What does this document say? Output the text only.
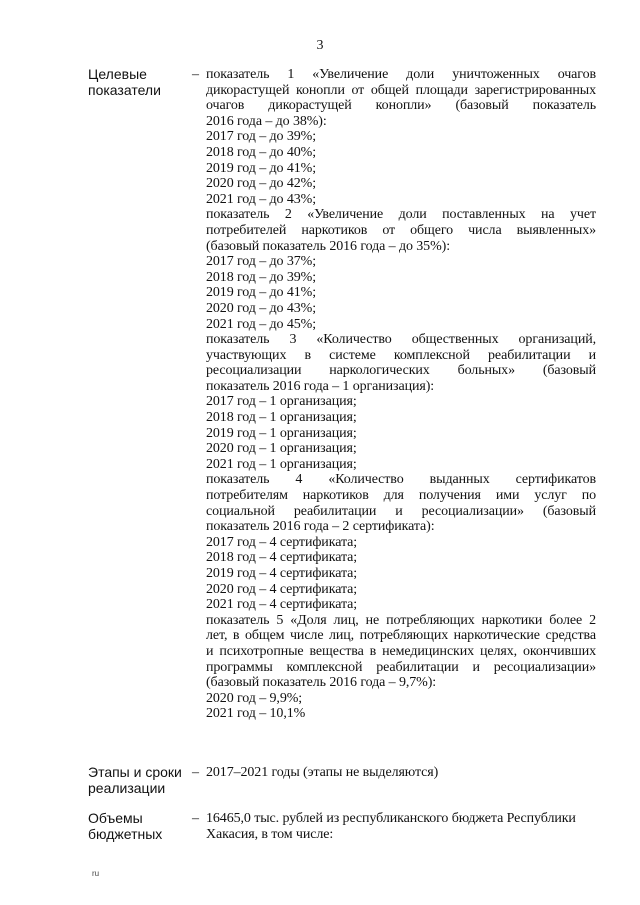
3
Целевые
показатели
– показатель 1 «Увеличение доли уничтоженных очагов
дикорастущей конопли от общей площади зарегистрированных
очагов дикорастущей конопли» (базовый показатель
2016 года – до 38%):
2017 год – до 39%;
2018 год – до 40%;
2019 год – до 41%;
2020 год – до 42%;
2021 год – до 43%;
показатель 2 «Увеличение доли поставленных на учет
потребителей наркотиков от общего числа выявленных»
(базовый показатель 2016 года – до 35%):
2017 год – до 37%;
2018 год – до 39%;
2019 год – до 41%;
2020 год – до 43%;
2021 год – до 45%;
показатель 3 «Количество общественных организаций,
участвующих в системе комплексной реабилитации и
ресоциализации наркологических больных» (базовый
показатель 2016 года – 1 организация):
2017 год – 1 организация;
2018 год – 1 организация;
2019 год – 1 организация;
2020 год – 1 организация;
2021 год – 1 организация;
показатель 4 «Количество выданных сертификатов
потребителям наркотиков для получения ими услуг по
социальной реабилитации и ресоциализации» (базовый
показатель 2016 года – 2 сертификата):
2017 год – 4 сертификата;
2018 год – 4 сертификата;
2019 год – 4 сертификата;
2020 год – 4 сертификата;
2021 год – 4 сертификата;
показатель 5 «Доля лиц, не потребляющих наркотики более 2
лет, в общем числе лиц, потребляющих наркотические средства
и психотропные вещества в немедицинских целях, окончивших
программы комплексной реабилитации и ресоциализации»
(базовый показатель 2016 года – 9,7%):
2020 год – 9,9%;
2021 год – 10,1%
Этапы и сроки
реализации
– 2017–2021 годы (этапы не выделяются)
Объемы
бюджетных
– 16465,0 тыс. рублей из республиканского бюджета Республики
Хакасия, в том числе:
ru
